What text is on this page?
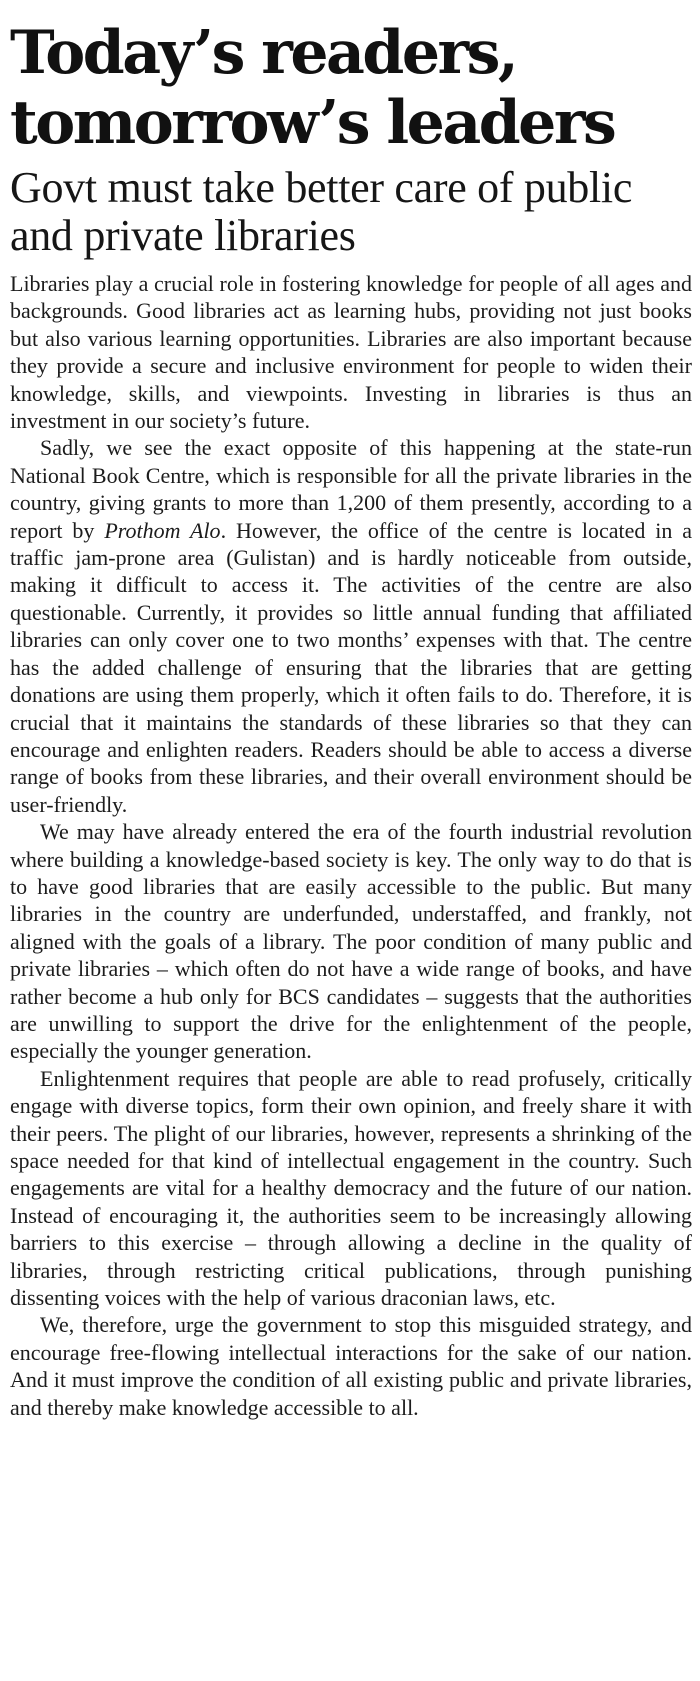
Today’s readers,
tomorrow’s leaders
Govt must take better care of public and private libraries

Libraries play a crucial role in fostering knowledge for people of all ages and backgrounds. Good libraries act as learning hubs, providing not just books but also various learning opportunities. Libraries are also important because they provide a secure and inclusive environment for people to widen their knowledge, skills, and viewpoints. Investing in libraries is thus an investment in our society’s future.

Sadly, we see the exact opposite of this happening at the state-run National Book Centre, which is responsible for all the private libraries in the country, giving grants to more than 1,200 of them presently, according to a report by Prothom Alo. However, the office of the centre is located in a traffic jam-prone area (Gulistan) and is hardly noticeable from outside, making it difficult to access it. The activities of the centre are also questionable. Currently, it provides so little annual funding that affiliated libraries can only cover one to two months’ expenses with that. The centre has the added challenge of ensuring that the libraries that are getting donations are using them properly, which it often fails to do. Therefore, it is crucial that it maintains the standards of these libraries so that they can encourage and enlighten readers. Readers should be able to access a diverse range of books from these libraries, and their overall environment should be user-friendly.

We may have already entered the era of the fourth industrial revolution where building a knowledge-based society is key. The only way to do that is to have good libraries that are easily accessible to the public. But many libraries in the country are underfunded, understaffed, and frankly, not aligned with the goals of a library. The poor condition of many public and private libraries – which often do not have a wide range of books, and have rather become a hub only for BCS candidates – suggests that the authorities are unwilling to support the drive for the enlightenment of the people, especially the younger generation.

Enlightenment requires that people are able to read profusely, critically engage with diverse topics, form their own opinion, and freely share it with their peers. The plight of our libraries, however, represents a shrinking of the space needed for that kind of intellectual engagement in the country. Such engagements are vital for a healthy democracy and the future of our nation. Instead of encouraging it, the authorities seem to be increasingly allowing barriers to this exercise – through allowing a decline in the quality of libraries, through restricting critical publications, through punishing dissenting voices with the help of various draconian laws, etc.

We, therefore, urge the government to stop this misguided strategy, and encourage free-flowing intellectual interactions for the sake of our nation. And it must improve the condition of all existing public and private libraries, and thereby make knowledge accessible to all.
